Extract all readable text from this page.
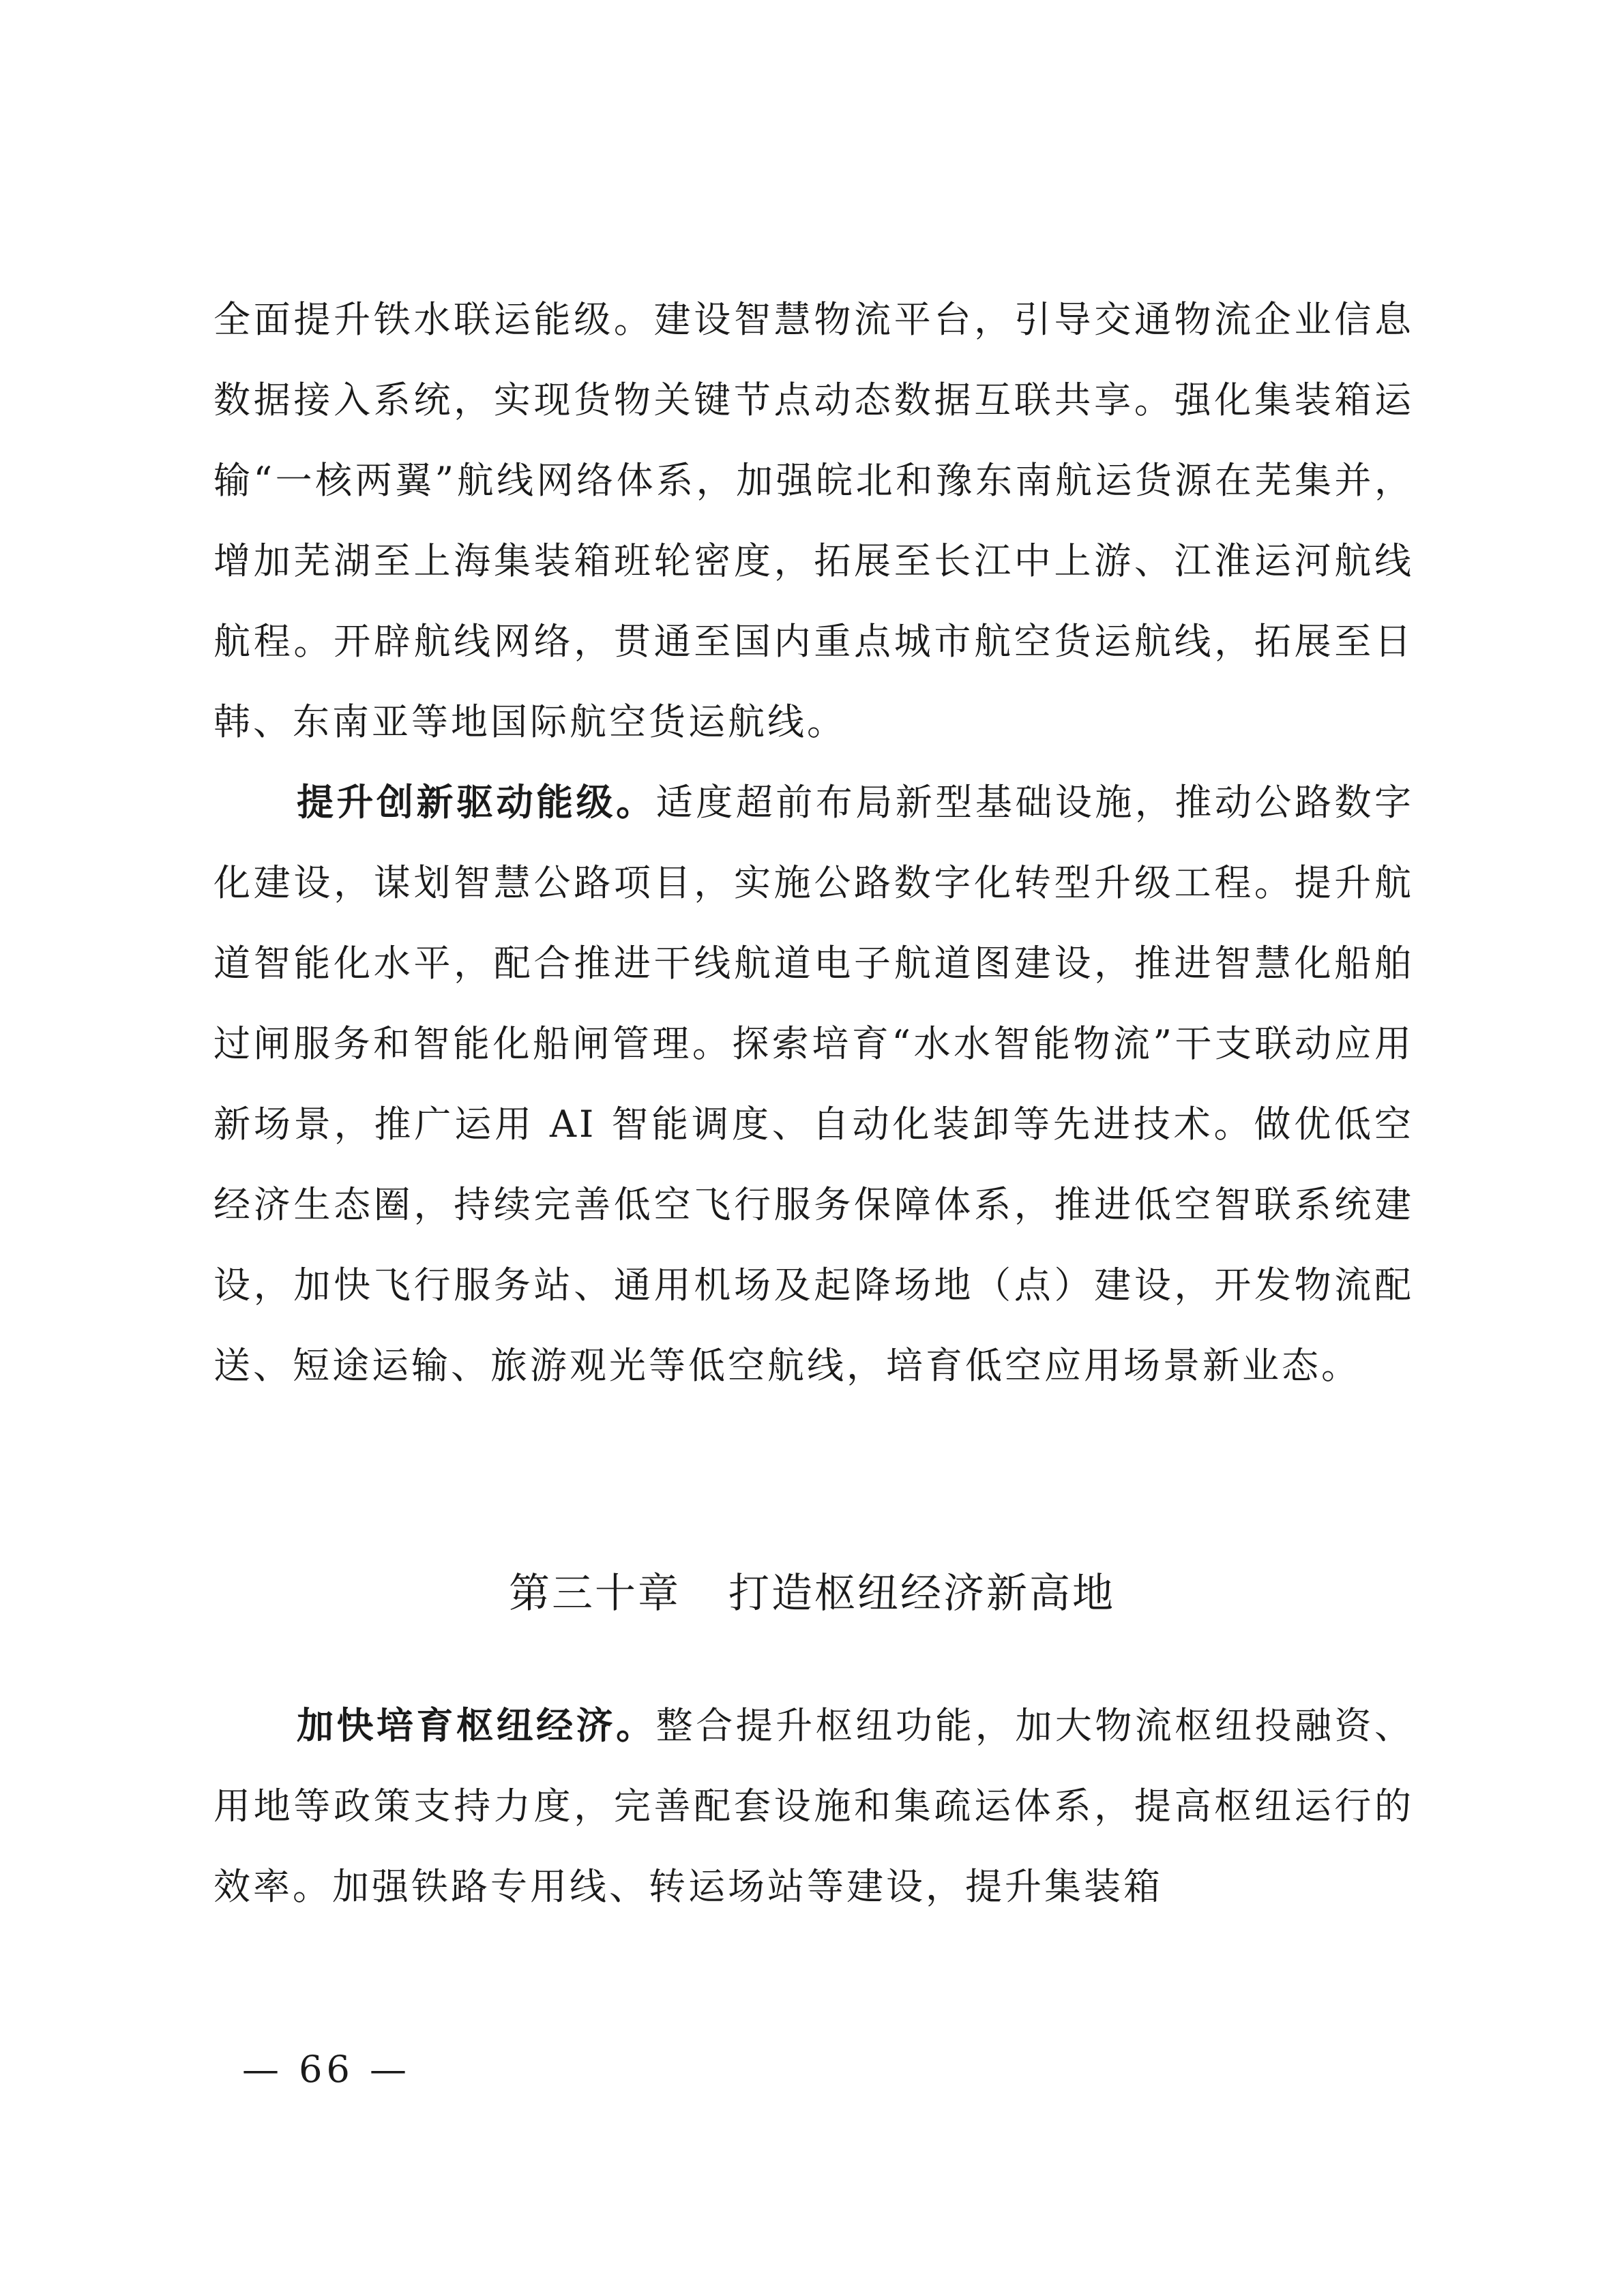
全面提升铁水联运能级。建设智慧物流平台，引导交通物流企业信息数据接入系统，实现货物关键节点动态数据互联共享。强化集装箱运输“一核两翼”航线网络体系，加强皖北和豫东南航运货源在芜集并，增加芜湖至上海集装箱班轮密度，拓展至长江中上游、江淮运河航线航程。开辟航线网络，贯通至国内重点城市航空货运航线，拓展至日韩、东南亚等地国际航空货运航线。

提升创新驱动能级。适度超前布局新型基础设施，推动公路数字化建设，谋划智慧公路项目，实施公路数字化转型升级工程。提升航道智能化水平，配合推进干线航道电子航道图建设，推进智慧化船舶过闸服务和智能化船闸管理。探索培育“水水智能物流”干支联动应用新场景，推广运用 AI 智能调度、自动化装卸等先进技术。做优低空经济生态圈，持续完善低空飞行服务保障体系，推进低空智联系统建设，加快飞行服务站、通用机场及起降场地（点）建设，开发物流配送、短途运输、旅游观光等低空航线，培育低空应用场景新业态。

第三十章 打造枢纽经济新高地

加快培育枢纽经济。整合提升枢纽功能，加大物流枢纽投融资、用地等政策支持力度，完善配套设施和集疏运体系，提高枢纽运行的效率。加强铁路专用线、转运场站等建设，提升集装箱

— 66 —
